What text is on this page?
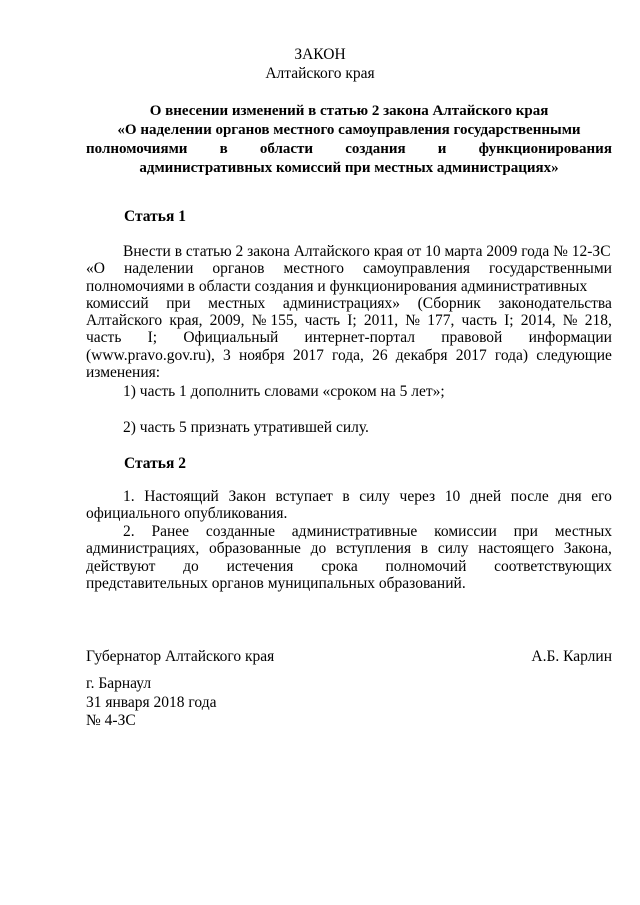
ЗАКОН
Алтайского края
О внесении изменений в статью 2 закона Алтайского края
«О наделении органов местного самоуправления государственными
полномочиями в области создания и функционирования
административных комиссий при местных администрациях»
Статья 1
Внести в статью 2 закона Алтайского края от 10 марта 2009 года № 12-ЗС
«О наделении органов местного самоуправления государственными
полномочиями в области создания и функционирования административных
комиссий при местных администрациях» (Сборник законодательства
Алтайского края, 2009, № 155, часть I; 2011, № 177, часть I; 2014, № 218,
часть I; Официальный интернет-портал правовой информации
(www.pravo.gov.ru), 3 ноября 2017 года, 26 декабря 2017 года) следующие
изменения:
1) часть 1 дополнить словами «сроком на 5 лет»;
2) часть 5 признать утратившей силу.
Статья 2
1. Настоящий Закон вступает в силу через 10 дней после дня его
официального опубликования.
2. Ранее созданные административные комиссии при местных
администрациях, образованные до вступления в силу настоящего Закона,
действуют до истечения срока полномочий соответствующих
представительных органов муниципальных образований.
Губернатор Алтайского края	А.Б. Карлин
г. Барнаул
31 января 2018 года
№ 4-ЗС
